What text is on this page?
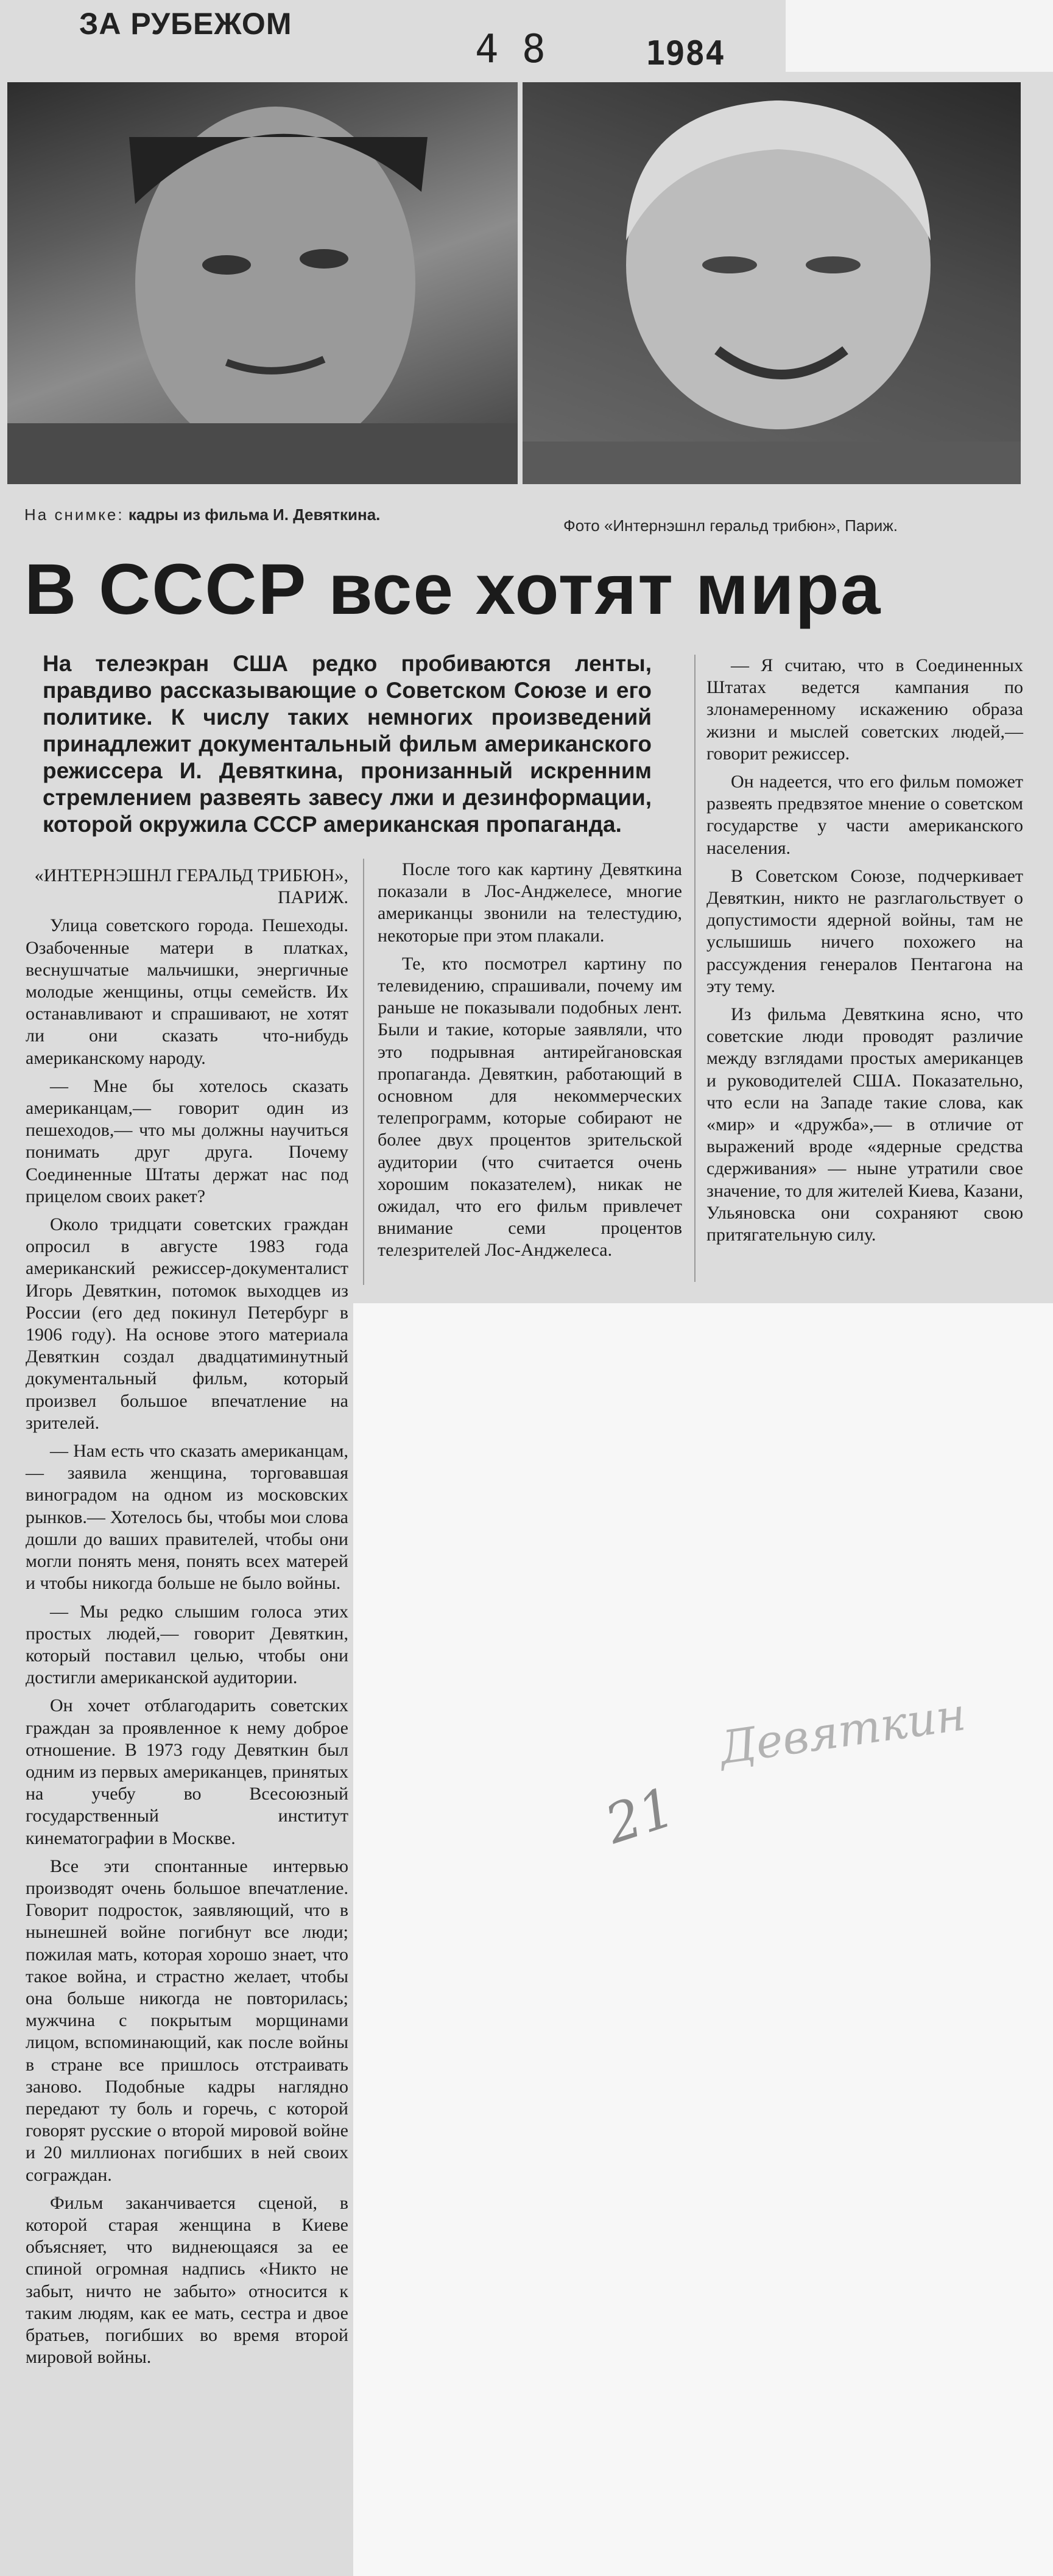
ЗА РУБЕЖОМ
4 8	1984
На снимке: кадры из фильма И. Девяткина.
Фото «Интернэшнл геральд трибюн», Париж.
В СССР все хотят мира
На телеэкран США редко пробиваются ленты, правдиво рассказывающие о Советском Союзе и его политике. К числу таких немногих произведений принадлежит документальный фильм американского режиссера И. Девяткина, пронизанный искренним стремлением развеять завесу лжи и дезинформации, которой окружила СССР американская пропаганда.

«ИНТЕРНЭШНЛ ГЕРАЛЬД ТРИБЮН», ПАРИЖ.

Улица советского города. Пешеходы. Озабоченные матери в платках, веснушчатые мальчишки, энергичные молодые женщины, отцы семейств. Их останавливают и спрашивают, не хотят ли они сказать что-нибудь американскому народу.

— Мне бы хотелось сказать американцам,— говорит один из пешеходов,— что мы должны научиться понимать друг друга. Почему Соединенные Штаты держат нас под прицелом своих ракет?

Около тридцати советских граждан опросил в августе 1983 года американский режиссер-документалист Игорь Девяткин, потомок выходцев из России (его дед покинул Петербург в 1906 году). На основе этого материала Девяткин создал двадцатиминутный документальный фильм, который произвел большое впечатление на зрителей.

— Нам есть что сказать американцам,— заявила женщина, торговавшая виноградом на одном из московских рынков.— Хотелось бы, чтобы мои слова дошли до ваших правителей, чтобы они могли понять меня, понять всех матерей и чтобы никогда больше не было войны.

— Мы редко слышим голоса этих простых людей,— говорит Девяткин, который поставил целью, чтобы они достигли американской аудитории.

Он хочет отблагодарить советских граждан за проявленное к нему доброе отношение. В 1973 году Девяткин был одним из первых американцев, принятых на учебу во Всесоюзный государственный институт кинематографии в Москве.

Все эти спонтанные интервью производят очень большое впечатление. Говорит подросток, заявляющий, что в нынешней войне погибнут все люди; пожилая мать, которая хорошо знает, что такое война, и страстно желает, чтобы она больше никогда не повторилась; мужчина с покрытым морщинами лицом, вспоминающий, как после войны в стране все пришлось отстраивать заново. Подобные кадры наглядно передают ту боль и горечь, с которой говорят русские о второй мировой войне и 20 миллионах погибших в ней своих сограждан.

Фильм заканчивается сценой, в которой старая женщина в Киеве объясняет, что виднеющаяся за ее спиной огромная надпись «Никто не забыт, ничто не забыто» относится к таким людям, как ее мать, сестра и двое братьев, погибших во время второй мировой войны.

После того как картину Девяткина показали в Лос-Анджелесе, многие американцы звонили на телестудию, некоторые при этом плакали.

Те, кто посмотрел картину по телевидению, спрашивали, почему им раньше не показывали подобных лент. Были и такие, которые заявляли, что это подрывная антирейгановская пропаганда. Девяткин, работающий в основном для некоммерческих телепрограмм, которые собирают не более двух процентов зрительской аудитории (что считается очень хорошим показателем), никак не ожидал, что его фильм привлечет внимание семи процентов телезрителей Лос-Анджелеса.

— Я считаю, что в Соединенных Штатах ведется кампания по злонамеренному искажению образа жизни и мыслей советских людей,— говорит режиссер.

Он надеется, что его фильм поможет развеять предвзятое мнение о советском государстве у части американского населения.

В Советском Союзе, подчеркивает Девяткин, никто не разглагольствует о допустимости ядерной войны, там не услышишь ничего похожего на рассуждения генералов Пентагона на эту тему.

Из фильма Девяткина ясно, что советские люди проводят различие между взглядами простых американцев и руководителей США. Показательно, что если на Западе такие слова, как «мир» и «дружба»,— в отличие от выражений вроде «ядерные средства сдерживания» — ныне утратили свое значение, то для жителей Киева, Казани, Ульяновска они сохраняют свою притягательную силу.

21
Девяткин
